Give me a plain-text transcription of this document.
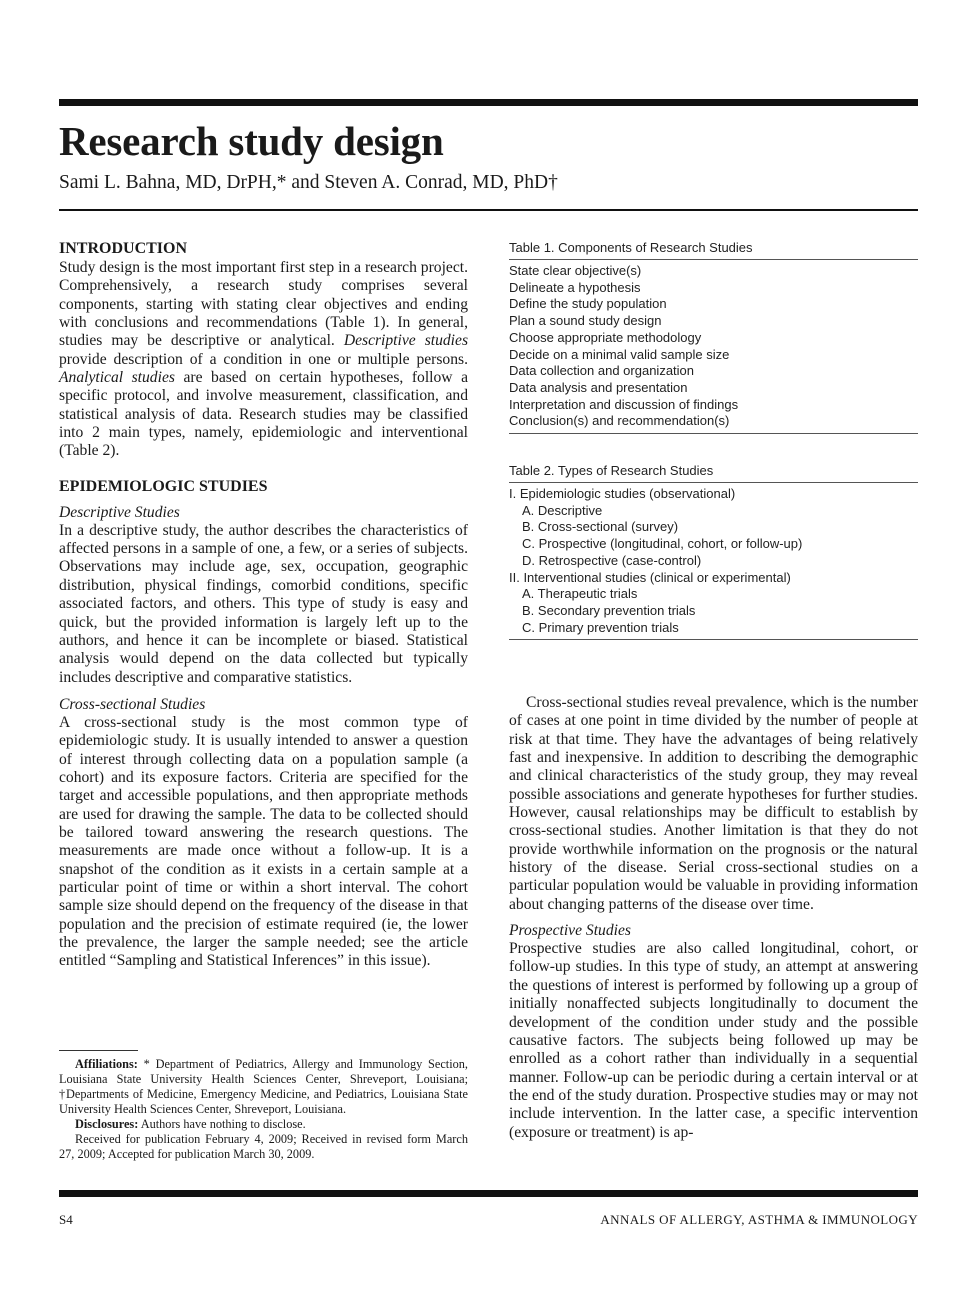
Research study design

Sami L. Bahna, MD, DrPH,* and Steven A. Conrad, MD, PhD†

INTRODUCTION

Study design is the most important first step in a research project. Comprehensively, a research study comprises several components, starting with stating clear objectives and ending with conclusions and recommendations (Table 1). In general, studies may be descriptive or analytical. Descriptive studies provide description of a condition in one or multiple persons. Analytical studies are based on certain hypotheses, follow a specific protocol, and involve measurement, classification, and statistical analysis of data. Research studies may be classified into 2 main types, namely, epidemiologic and interventional (Table 2).

EPIDEMIOLOGIC STUDIES

Descriptive Studies

In a descriptive study, the author describes the characteristics of affected persons in a sample of one, a few, or a series of subjects. Observations may include age, sex, occupation, geographic distribution, physical findings, comorbid conditions, specific associated factors, and others. This type of study is easy and quick, but the provided information is largely left up to the authors, and hence it can be incomplete or biased. Statistical analysis would depend on the data collected but typically includes descriptive and comparative statistics.

Cross-sectional Studies

A cross-sectional study is the most common type of epidemiologic study. It is usually intended to answer a question of interest through collecting data on a population sample (a cohort) and its exposure factors. Criteria are specified for the target and accessible populations, and then appropriate methods are used for drawing the sample. The data to be collected should be tailored toward answering the research questions. The measurements are made once without a follow-up. It is a snapshot of the condition as it exists in a certain sample at a particular point of time or within a short interval. The cohort sample size should depend on the frequency of the disease in that population and the precision of estimate required (ie, the lower the prevalence, the larger the sample needed; see the article entitled “Sampling and Statistical Inferences” in this issue).

Affiliations: * Department of Pediatrics, Allergy and Immunology Section, Louisiana State University Health Sciences Center, Shreveport, Louisiana; †Departments of Medicine, Emergency Medicine, and Pediatrics, Louisiana State University Health Sciences Center, Shreveport, Louisiana.

Disclosures: Authors have nothing to disclose.

Received for publication February 4, 2009; Received in revised form March 27, 2009; Accepted for publication March 30, 2009.

Table 1. Components of Research Studies
State clear objective(s)
Delineate a hypothesis
Define the study population
Plan a sound study design
Choose appropriate methodology
Decide on a minimal valid sample size
Data collection and organization
Data analysis and presentation
Interpretation and discussion of findings
Conclusion(s) and recommendation(s)
Table 2. Types of Research Studies
I. Epidemiologic studies (observational)
A. Descriptive
B. Cross-sectional (survey)
C. Prospective (longitudinal, cohort, or follow-up)
D. Retrospective (case-control)
II. Interventional studies (clinical or experimental)
A. Therapeutic trials
B. Secondary prevention trials
C. Primary prevention trials

Cross-sectional studies reveal prevalence, which is the number of cases at one point in time divided by the number of people at risk at that time. They have the advantages of being relatively fast and inexpensive. In addition to describing the demographic and clinical characteristics of the study group, they may reveal possible associations and generate hypotheses for further studies. However, causal relationships may be difficult to establish by cross-sectional studies. Another limitation is that they do not provide worthwhile information on the prognosis or the natural history of the disease. Serial cross-sectional studies on a particular population would be valuable in providing information about changing patterns of the disease over time.

Prospective Studies

Prospective studies are also called longitudinal, cohort, or follow-up studies. In this type of study, an attempt at answering the questions of interest is performed by following up a group of initially nonaffected subjects longitudinally to document the development of the condition under study and the possible causative factors. The subjects being followed up may be enrolled as a cohort rather than individually in a sequential manner. Follow-up can be periodic during a certain interval or at the end of the study duration. Prospective studies may or may not include intervention. In the latter case, a specific intervention (exposure or treatment) is ap-

S4	ANNALS OF ALLERGY, ASTHMA & IMMUNOLOGY
